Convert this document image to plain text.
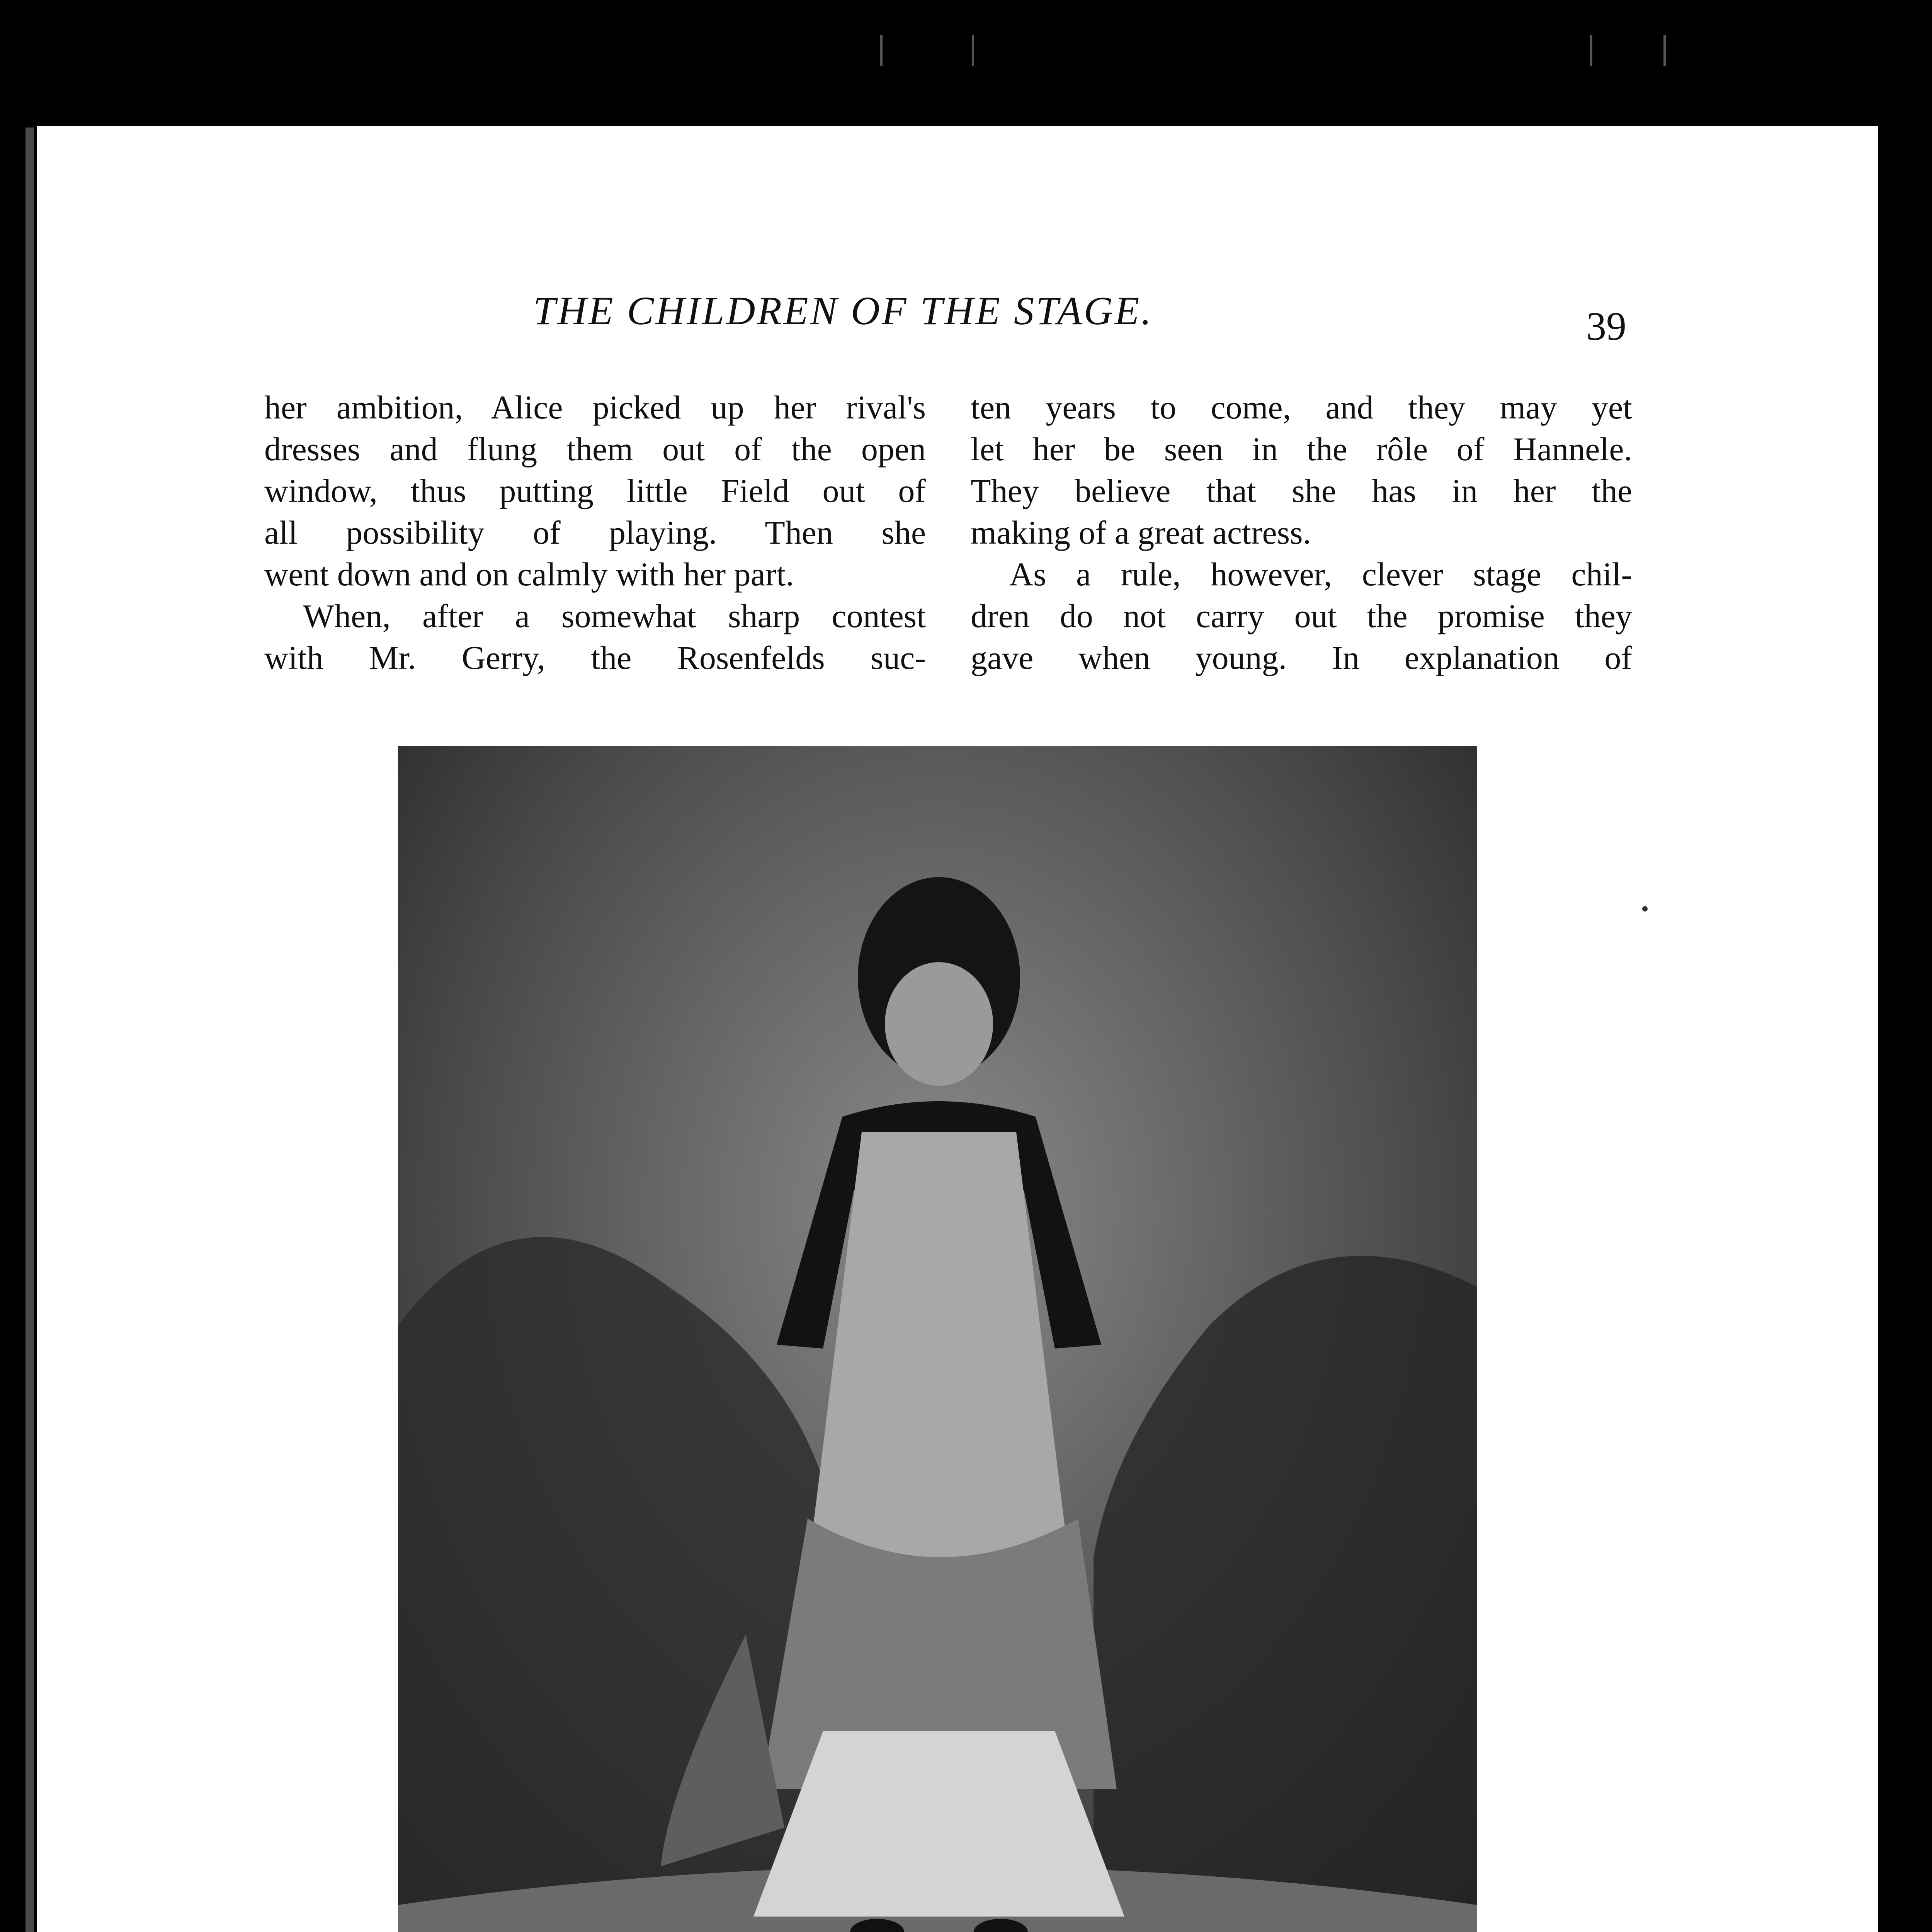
THE CHILDREN OF THE STAGE.	39
her ambition, Alice picked up her rival's
dresses and flung them out of the open
window, thus putting little Field out of
all possibility of playing. Then she
went down and on calmly with her part.
When, after a somewhat sharp contest
with Mr. Gerry, the Rosenfelds suc-
ten years to come, and they may yet
let her be seen in the rôle of Hannele.
They believe that she has in her the
making of a great actress.
As a rule, however, clever stage chil-
dren do not carry out the promise they
gave when young. In explanation of
